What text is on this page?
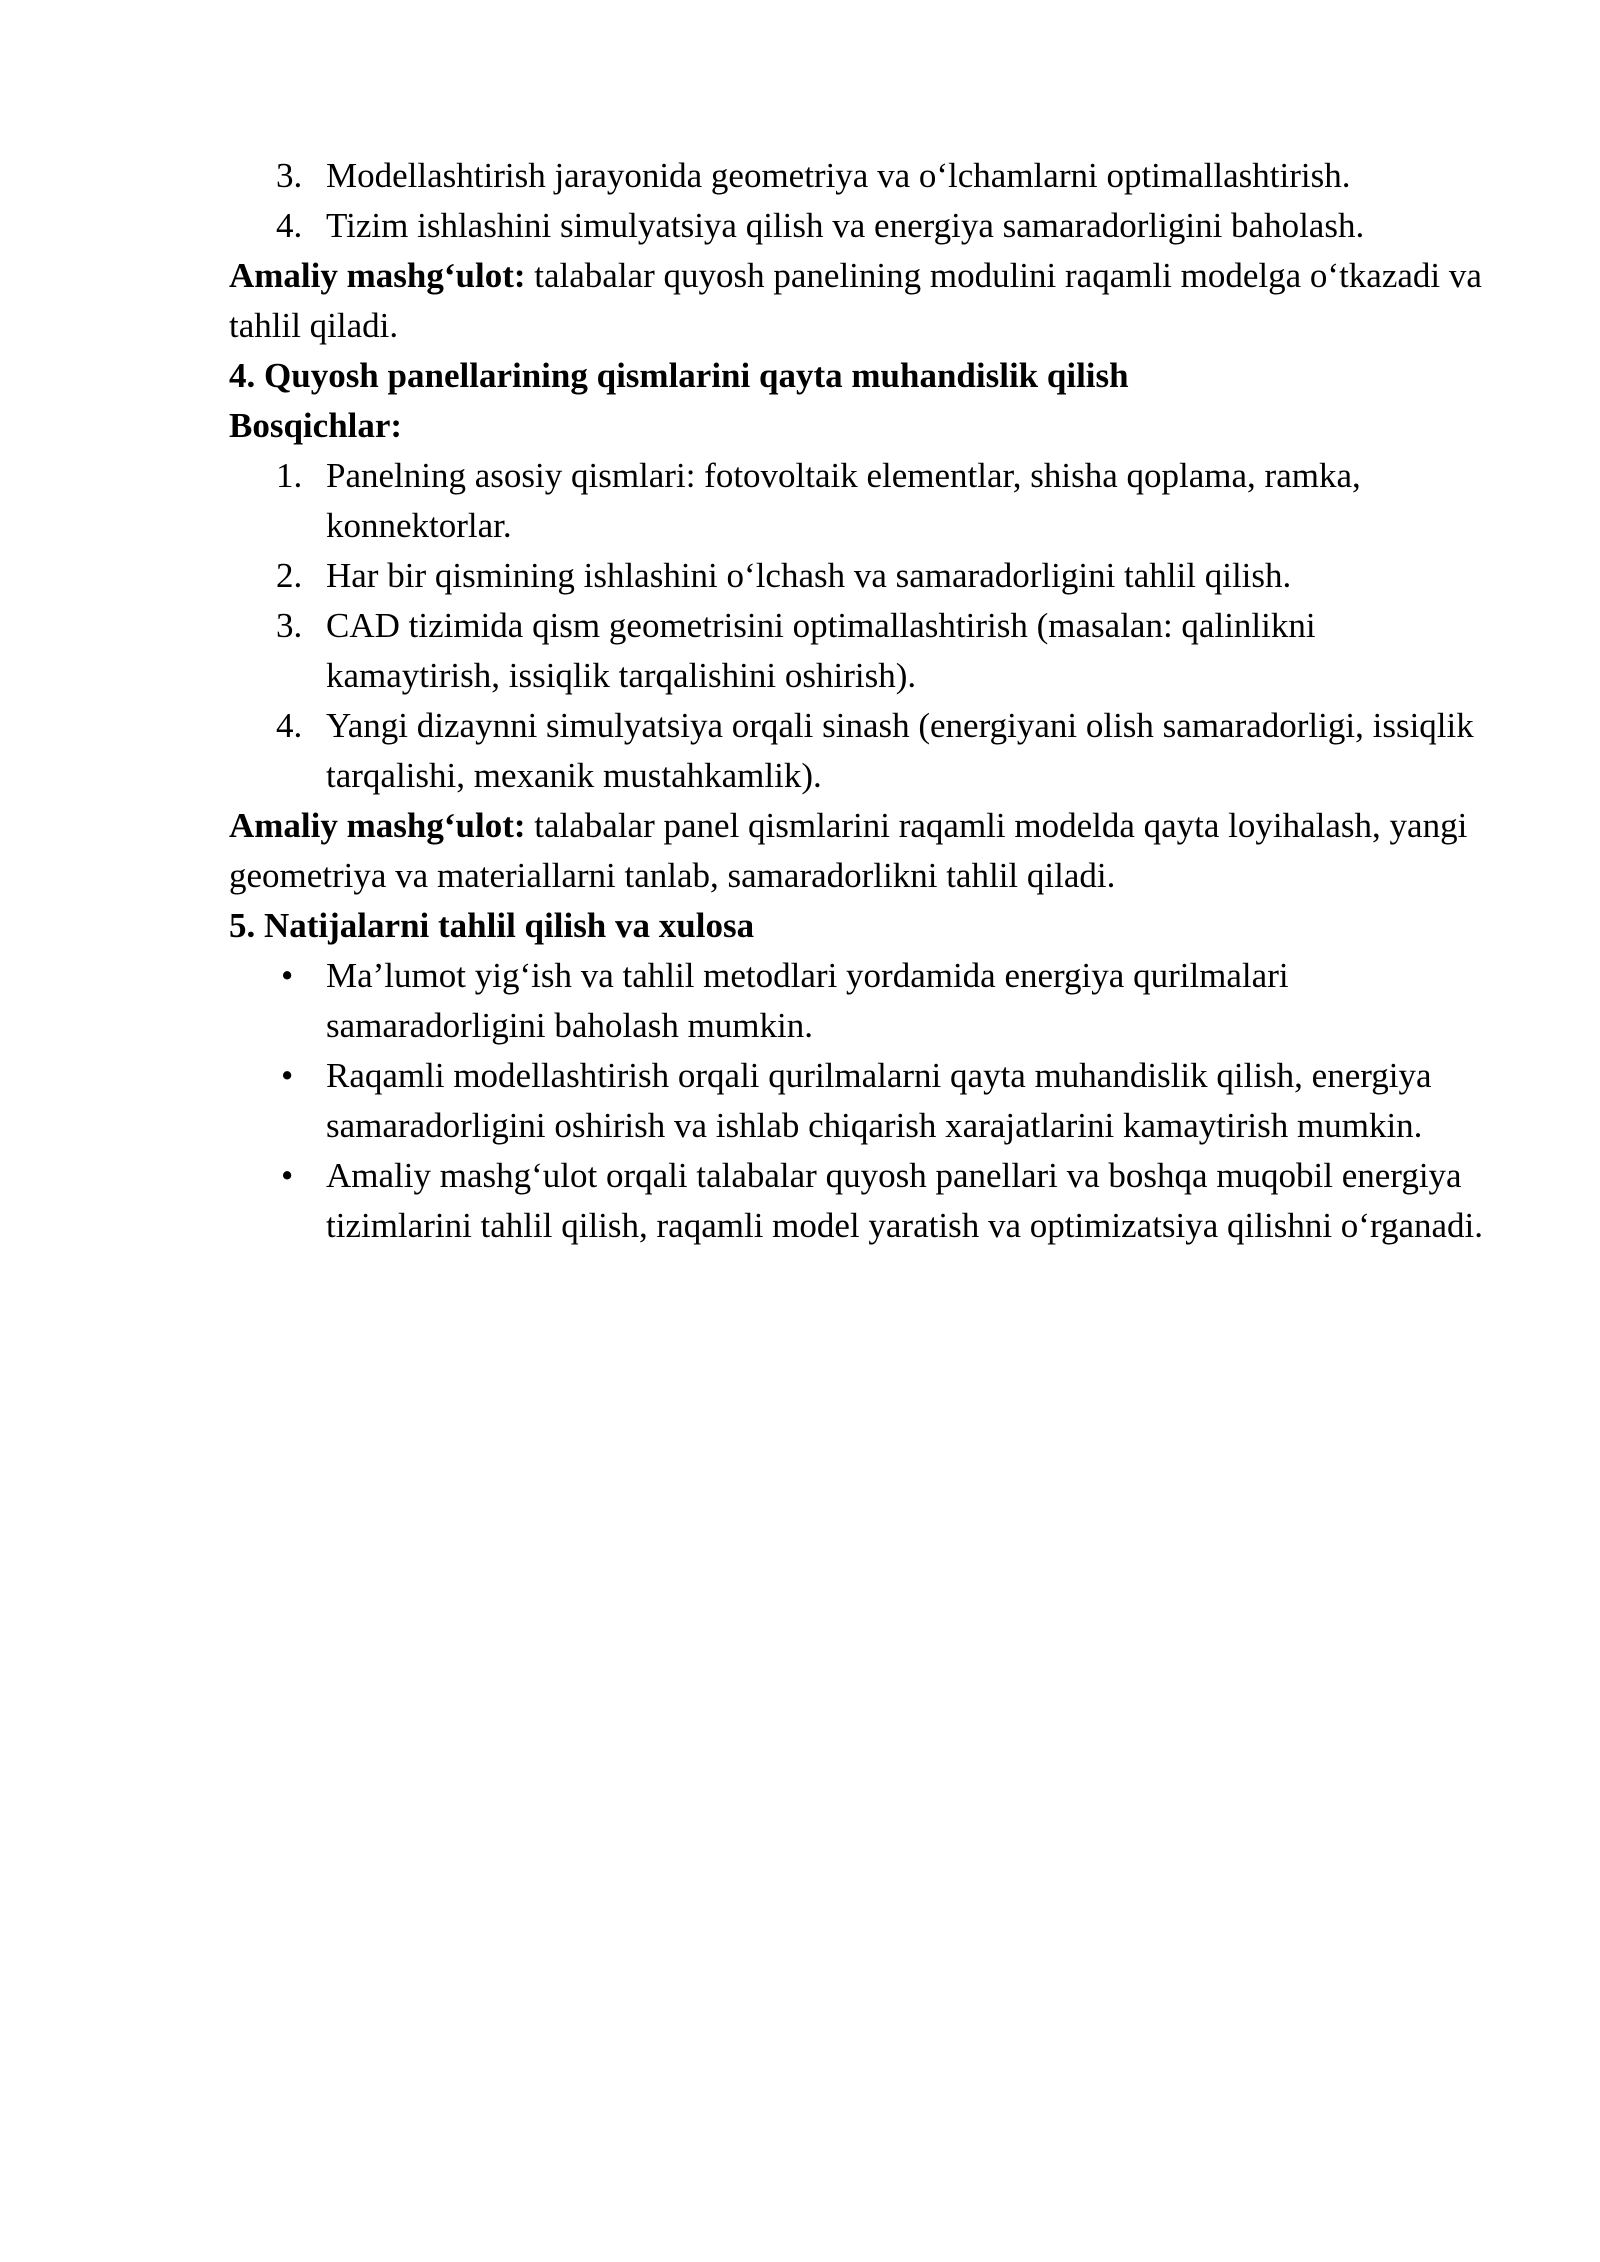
3. Modellashtirish jarayonida geometriya va o‘lchamlarni optimallashtirish.
4. Tizim ishlashini simulyatsiya qilish va energiya samaradorligini baholash.

Amaliy mashg‘ulot: talabalar quyosh panelining modulini raqamli modelga o‘tkazadi va tahlil qiladi.

4. Quyosh panellarining qismlarini qayta muhandislik qilish

Bosqichlar:

1. Panelning asosiy qismlari: fotovoltaik elementlar, shisha qoplama, ramka, konnektorlar.
2. Har bir qismining ishlashini o‘lchash va samaradorligini tahlil qilish.
3. CAD tizimida qism geometrisini optimallashtirish (masalan: qalinlikni kamaytirish, issiqlik tarqalishini oshirish).
4. Yangi dizaynni simulyatsiya orqali sinash (energiyani olish samaradorligi, issiqlik tarqalishi, mexanik mustahkamlik).

Amaliy mashg‘ulot: talabalar panel qismlarini raqamli modelda qayta loyihalash, yangi geometriya va materiallarni tanlab, samaradorlikni tahlil qiladi.

5. Natijalarni tahlil qilish va xulosa

• Ma’lumot yig‘ish va tahlil metodlari yordamida energiya qurilmalari samaradorligini baholash mumkin.
• Raqamli modellashtirish orqali qurilmalarni qayta muhandislik qilish, energiya samaradorligini oshirish va ishlab chiqarish xarajatlarini kamaytirish mumkin.
• Amaliy mashg‘ulot orqali talabalar quyosh panellari va boshqa muqobil energiya tizimlarini tahlil qilish, raqamli model yaratish va optimizatsiya qilishni o‘rganadi.
